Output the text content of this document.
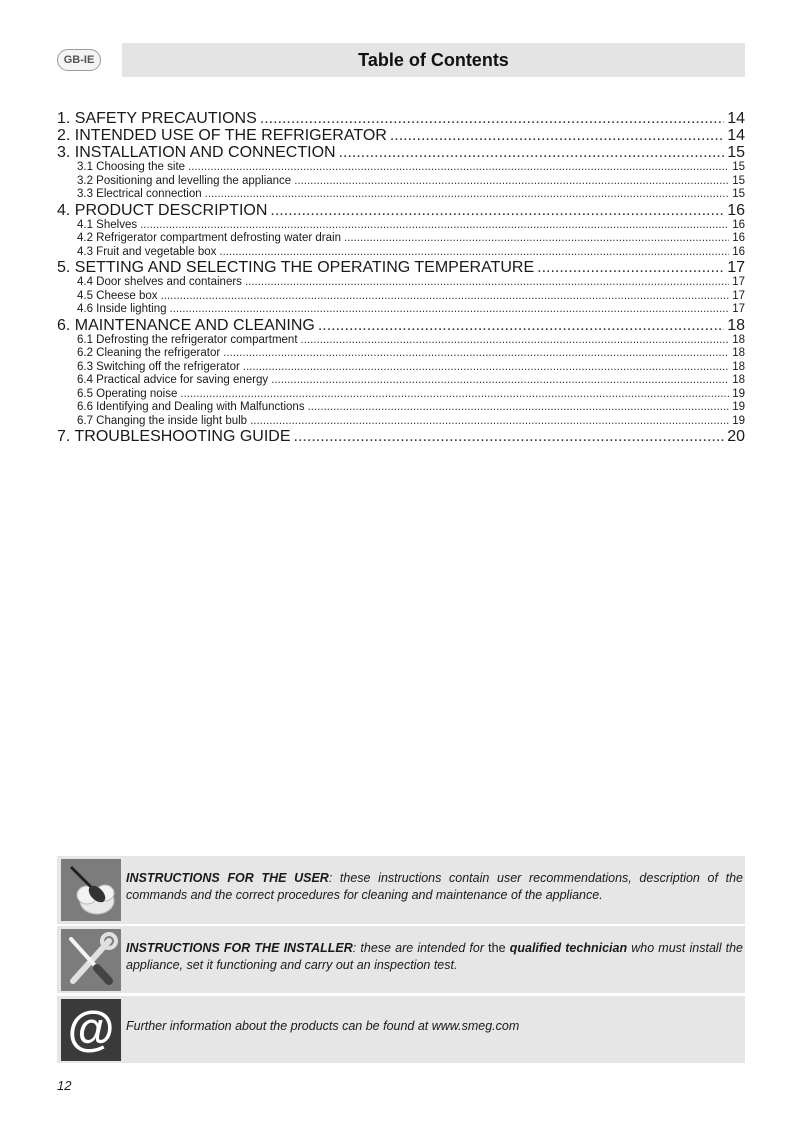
GB-IE	Table of Contents
1. SAFETY PRECAUTIONS .....	14
2. INTENDED USE OF THE REFRIGERATOR .....	14
3. INSTALLATION AND CONNECTION .....	15
3.1 Choosing the site .....	15
3.2 Positioning and levelling the appliance .....	15
3.3 Electrical connection .....	15
4. PRODUCT DESCRIPTION .....	16
4.1 Shelves .....	16
4.2 Refrigerator compartment defrosting water drain .....	16
4.3 Fruit and vegetable box .....	16
5. SETTING AND SELECTING THE OPERATING TEMPERATURE .....	17
4.4 Door shelves and containers .....	17
4.5 Cheese box .....	17
4.6 Inside lighting .....	17
6. MAINTENANCE AND CLEANING .....	18
6.1 Defrosting the refrigerator compartment .....	18
6.2 Cleaning the refrigerator .....	18
6.3 Switching off the refrigerator .....	18
6.4 Practical advice for saving energy .....	18
6.5 Operating noise .....	19
6.6 Identifying and Dealing with Malfunctions .....	19
6.7 Changing the inside light bulb .....	19
7. TROUBLESHOOTING GUIDE .....	20
INSTRUCTIONS FOR THE USER: these instructions contain user recommendations, description of the commands and the correct procedures for cleaning and maintenance of the appliance.
INSTRUCTIONS FOR THE INSTALLER: these are intended for the qualified technician who must install the appliance, set it functioning and carry out an inspection test.
@ Further information about the products can be found at www.smeg.com
12
